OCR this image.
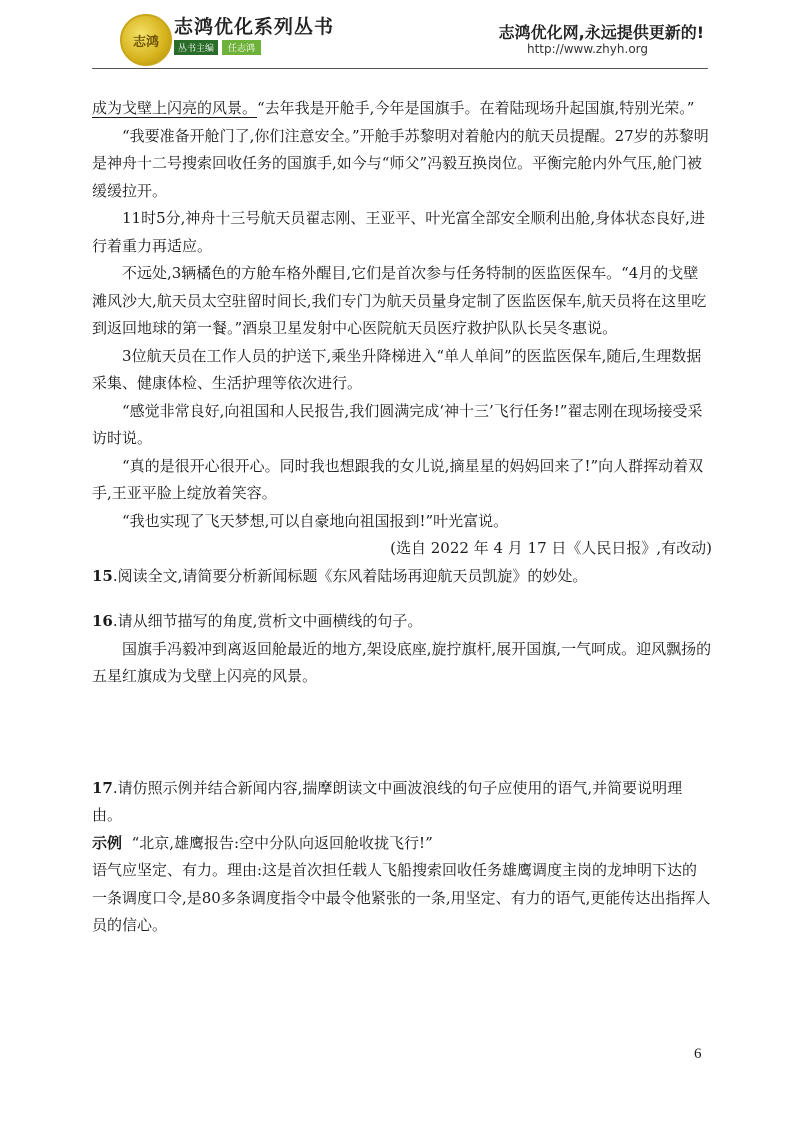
志鸿
志鸿优化系列丛书
丛书主编	任志鸿
志鸿优化网,永远提供更新的!
http://www.zhyh.org

成为戈壁上闪亮的风景。“去年我是开舱手,今年是国旗手。在着陆现场升起国旗,特别光荣。”

“我要准备开舱门了,你们注意安全。”开舱手苏黎明对着舱内的航天员提醒。27岁的苏黎明是神舟十二号搜索回收任务的国旗手,如今与“师父”冯毅互换岗位。平衡完舱内外气压,舱门被缓缓拉开。

11时5分,神舟十三号航天员翟志刚、王亚平、叶光富全部安全顺利出舱,身体状态良好,进行着重力再适应。

不远处,3辆橘色的方舱车格外醒目,它们是首次参与任务特制的医监医保车。“4月的戈壁滩风沙大,航天员太空驻留时间长,我们专门为航天员量身定制了医监医保车,航天员将在这里吃到返回地球的第一餐。”酒泉卫星发射中心医院航天员医疗救护队队长吴冬惠说。

3位航天员在工作人员的护送下,乘坐升降梯进入“单人单间”的医监医保车,随后,生理数据采集、健康体检、生活护理等依次进行。

“感觉非常良好,向祖国和人民报告,我们圆满完成‘神十三’飞行任务!”翟志刚在现场接受采访时说。

“真的是很开心很开心。同时我也想跟我的女儿说,摘星星的妈妈回来了!”向人群挥动着双手,王亚平脸上绽放着笑容。

“我也实现了飞天梦想,可以自豪地向祖国报到!”叶光富说。

(选自 2022 年 4 月 17 日《人民日报》,有改动)

15.阅读全文,请简要分析新闻标题《东风着陆场再迎航天员凯旋》的妙处。

16.请从细节描写的角度,赏析文中画横线的句子。

国旗手冯毅冲到离返回舱最近的地方,架设底座,旋拧旗杆,展开国旗,一气呵成。迎风飘扬的五星红旗成为戈壁上闪亮的风景。

17.请仿照示例并结合新闻内容,揣摩朗读文中画波浪线的句子应使用的语气,并简要说明理由。

示例 “北京,雄鹰报告:空中分队向返回舱收拢飞行!”

语气应坚定、有力。理由:这是首次担任载人飞船搜索回收任务雄鹰调度主岗的龙坤明下达的一条调度口令,是80多条调度指令中最令他紧张的一条,用坚定、有力的语气,更能传达出指挥人员的信心。

6
